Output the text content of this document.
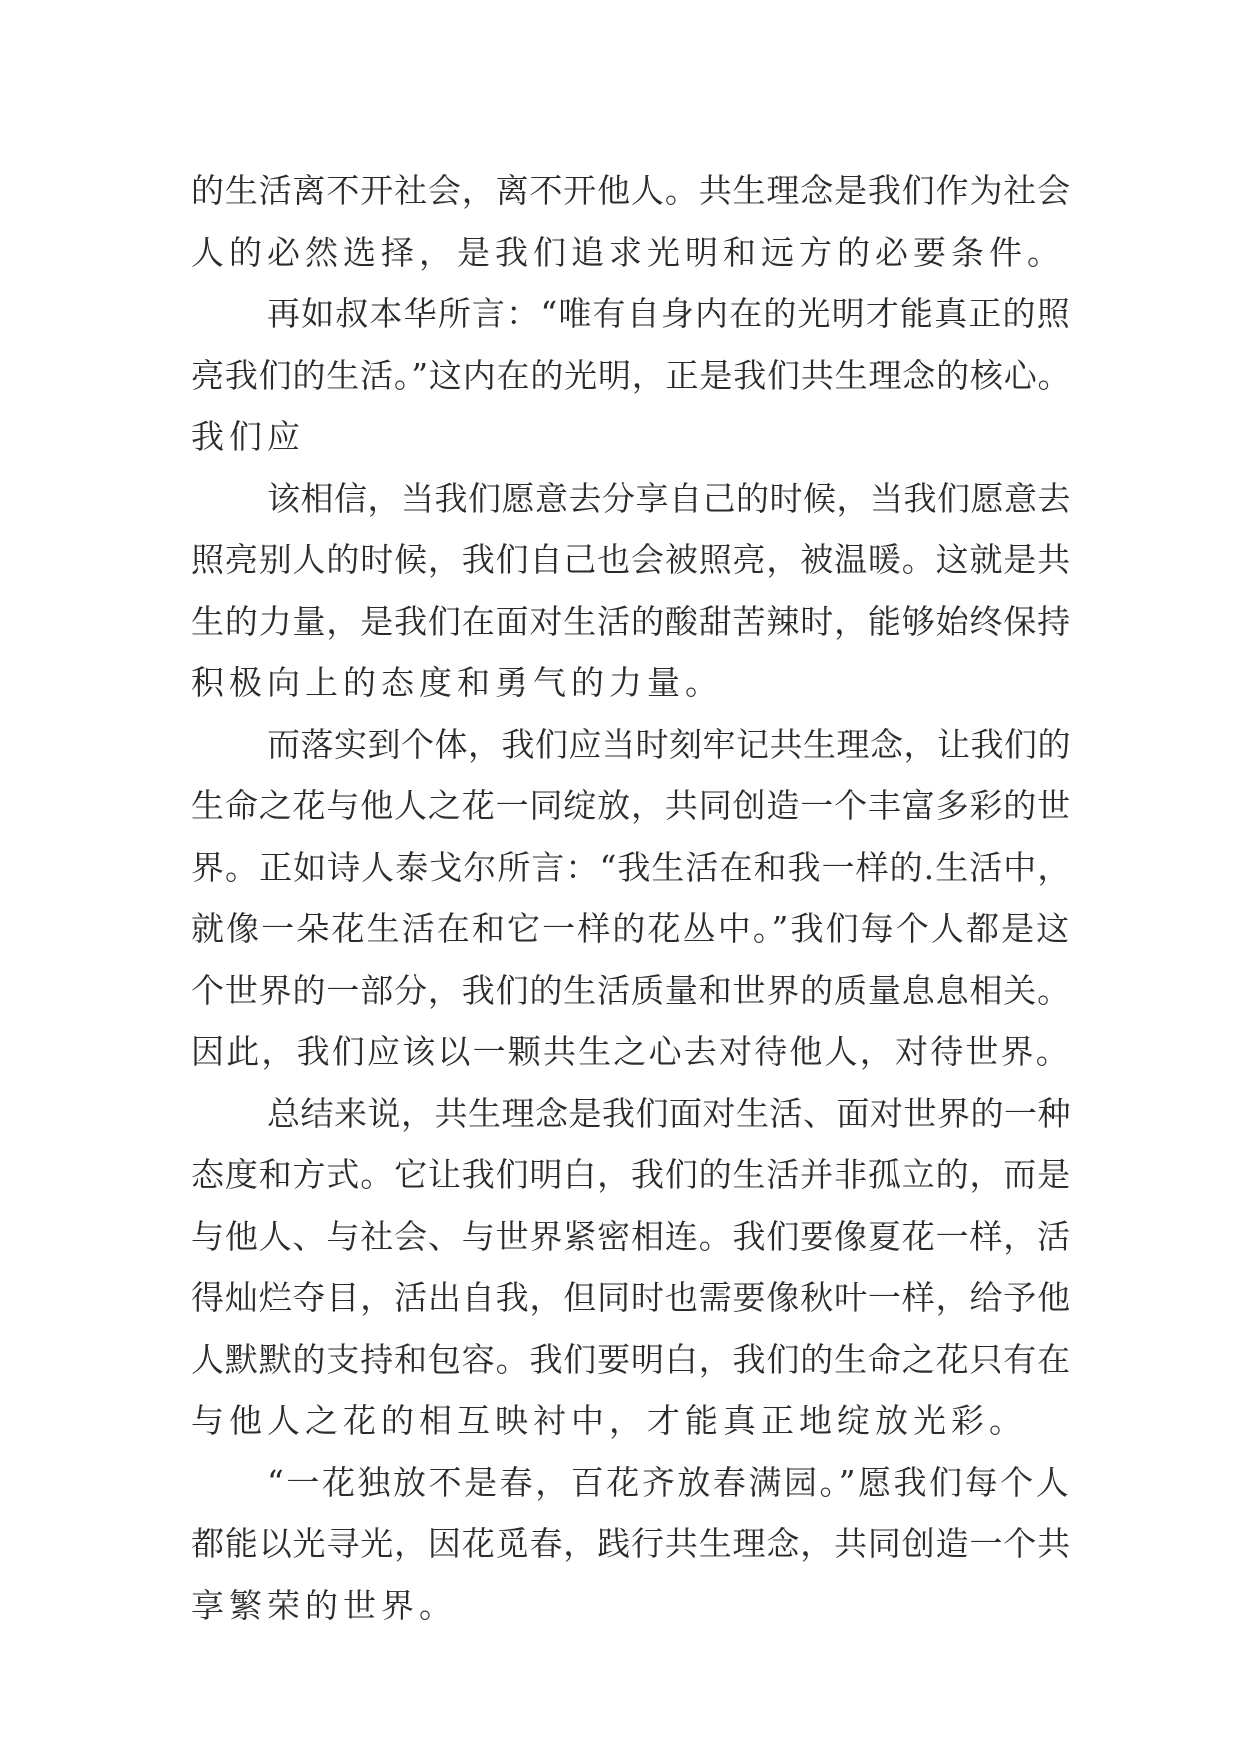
的生活离不开社会，离不开他人。共生理念是我们作为社会
人的必然选择，是我们追求光明和远方的必要条件。
再如叔本华所言：“唯有自身内在的光明才能真正的照
亮我们的生活。”这内在的光明，正是我们共生理念的核心。
我们应
该相信，当我们愿意去分享自己的时候，当我们愿意去
照亮别人的时候，我们自己也会被照亮，被温暖。这就是共
生的力量，是我们在面对生活的酸甜苦辣时，能够始终保持
积极向上的态度和勇气的力量。
而落实到个体，我们应当时刻牢记共生理念，让我们的
生命之花与他人之花一同绽放，共同创造一个丰富多彩的世
界。正如诗人泰戈尔所言：“我生活在和我一样的.生活中，
就像一朵花生活在和它一样的花丛中。”我们每个人都是这
个世界的一部分，我们的生活质量和世界的质量息息相关。
因此，我们应该以一颗共生之心去对待他人，对待世界。
总结来说，共生理念是我们面对生活、面对世界的一种
态度和方式。它让我们明白，我们的生活并非孤立的，而是
与他人、与社会、与世界紧密相连。我们要像夏花一样，活
得灿烂夺目，活出自我，但同时也需要像秋叶一样，给予他
人默默的支持和包容。我们要明白，我们的生命之花只有在
与他人之花的相互映衬中，才能真正地绽放光彩。
“一花独放不是春，百花齐放春满园。”愿我们每个人
都能以光寻光，因花觅春，践行共生理念，共同创造一个共
享繁荣的世界。
